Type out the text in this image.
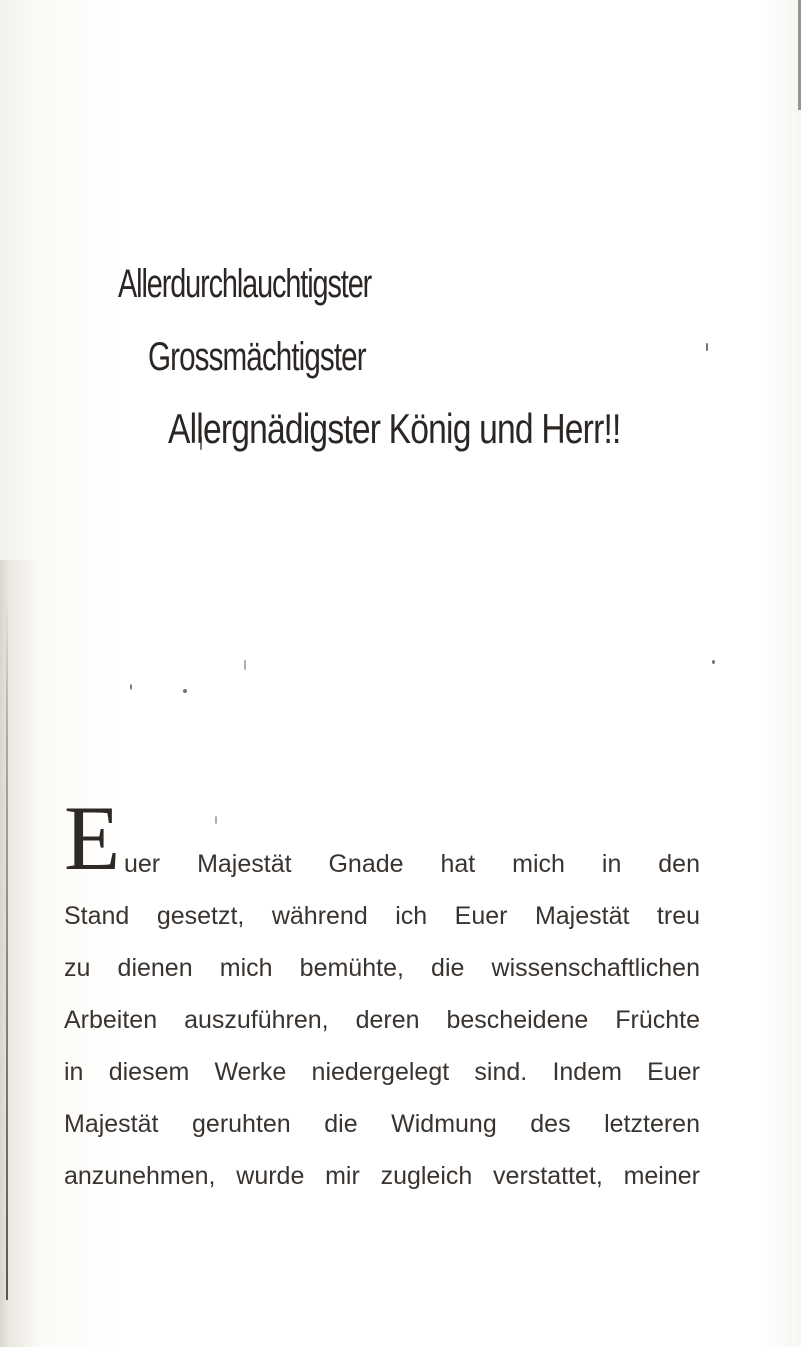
Allerdurchlauchtigster
Grossmächtigster
Allergnädigster König und Herr!!
E uer Majestät Gnade hat mich in den
Stand gesetzt, während ich Euer Majestät treu
zu dienen mich bemühte, die wissenschaftlichen
Arbeiten auszuführen, deren bescheidene Früchte
in diesem Werke niedergelegt sind. Indem Euer
Majestät geruhten die Widmung des letzteren
anzunehmen, wurde mir zugleich verstattet, meiner
